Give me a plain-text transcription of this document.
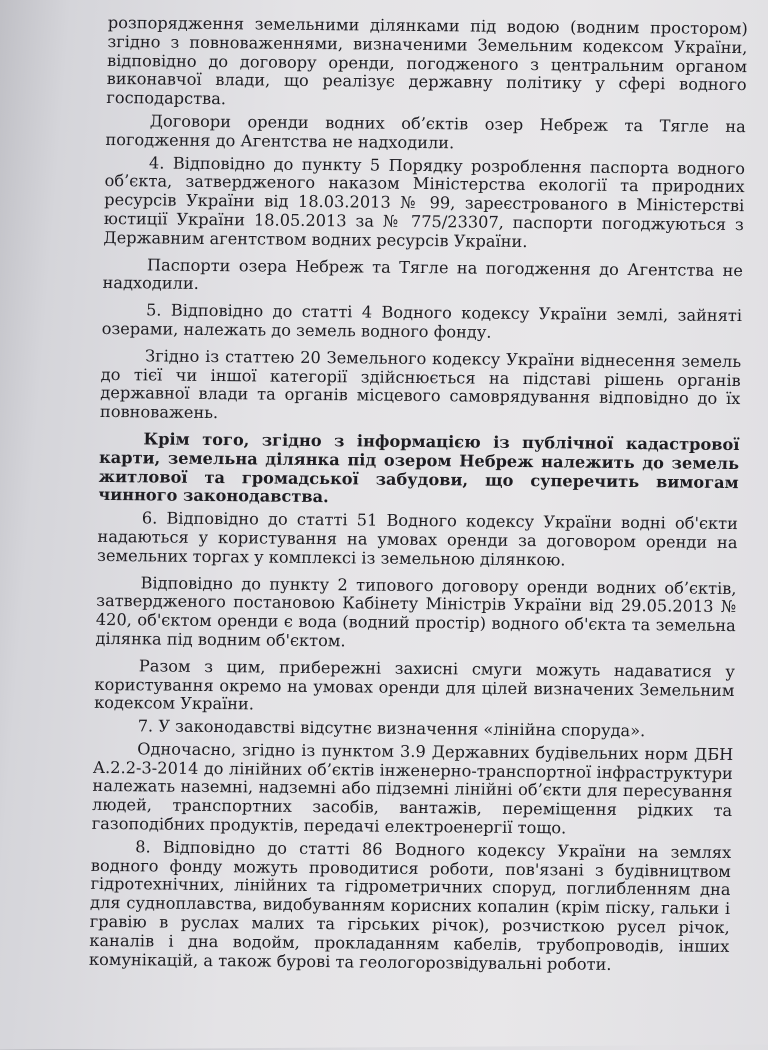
розпорядження земельними ділянками під водою (водним простором) згідно з повноваженнями, визначеними Земельним кодексом України, відповідно до договору оренди, погодженого з центральним органом виконавчої влади, що реалізує державну політику у сфері водного господарства.

Договори оренди водних об’єктів озер Небреж та Тягле на погодження до Агентства не надходили.

4. Відповідно до пункту 5 Порядку розроблення паспорта водного об’єкта, затвердженого наказом Міністерства екології та природних ресурсів України від 18.03.2013 № 99, зареєстрованого в Міністерстві юстиції України 18.05.2013 за № 775/23307, паспорти погоджуються з Державним агентством водних ресурсів України.

Паспорти озера Небреж та Тягле на погодження до Агентства не надходили.

5. Відповідно до статті 4 Водного кодексу України землі, зайняті озерами, належать до земель водного фонду.

Згідно із статтею 20 Земельного кодексу України віднесення земель до тієї чи іншої категорії здійснюється на підставі рішень органів державної влади та органів місцевого самоврядування відповідно до їх повноважень.

Крім того, згідно з інформацією із публічної кадастрової карти, земельна ділянка під озером Небреж належить до земель житлової та громадської забудови, що суперечить вимогам чинного законодавства.

6. Відповідно до статті 51 Водного кодексу України водні об'єкти надаються у користування на умовах оренди за договором оренди на земельних торгах у комплексі із земельною ділянкою.

Відповідно до пункту 2 типового договору оренди водних об’єктів, затвердженого постановою Кабінету Міністрів України від 29.05.2013 № 420, об'єктом оренди є вода (водний простір) водного об'єкта та земельна ділянка під водним об'єктом.

Разом з цим, прибережні захисні смуги можуть надаватися у користування окремо на умовах оренди для цілей визначених Земельним кодексом України.

7. У законодавстві відсутнє визначення «лінійна споруда».

Одночасно, згідно із пунктом 3.9 Державних будівельних норм ДБН А.2.2-3-2014 до лінійних об’єктів інженерно-транспортної інфраструктури належать наземні, надземні або підземні лінійні об’єкти для пересування людей, транспортних засобів, вантажів, переміщення рідких та газоподібних продуктів, передачі електроенергії тощо.

8. Відповідно до статті 86 Водного кодексу України на землях водного фонду можуть проводитися роботи, пов'язані з будівництвом гідротехнічних, лінійних та гідрометричних споруд, поглибленням дна для судноплавства, видобуванням корисних копалин (крім піску, гальки і гравію в руслах малих та гірських річок), розчисткою русел річок, каналів і дна водойм, прокладанням кабелів, трубопроводів, інших комунікацій, а також бурові та геологорозвідувальні роботи.
